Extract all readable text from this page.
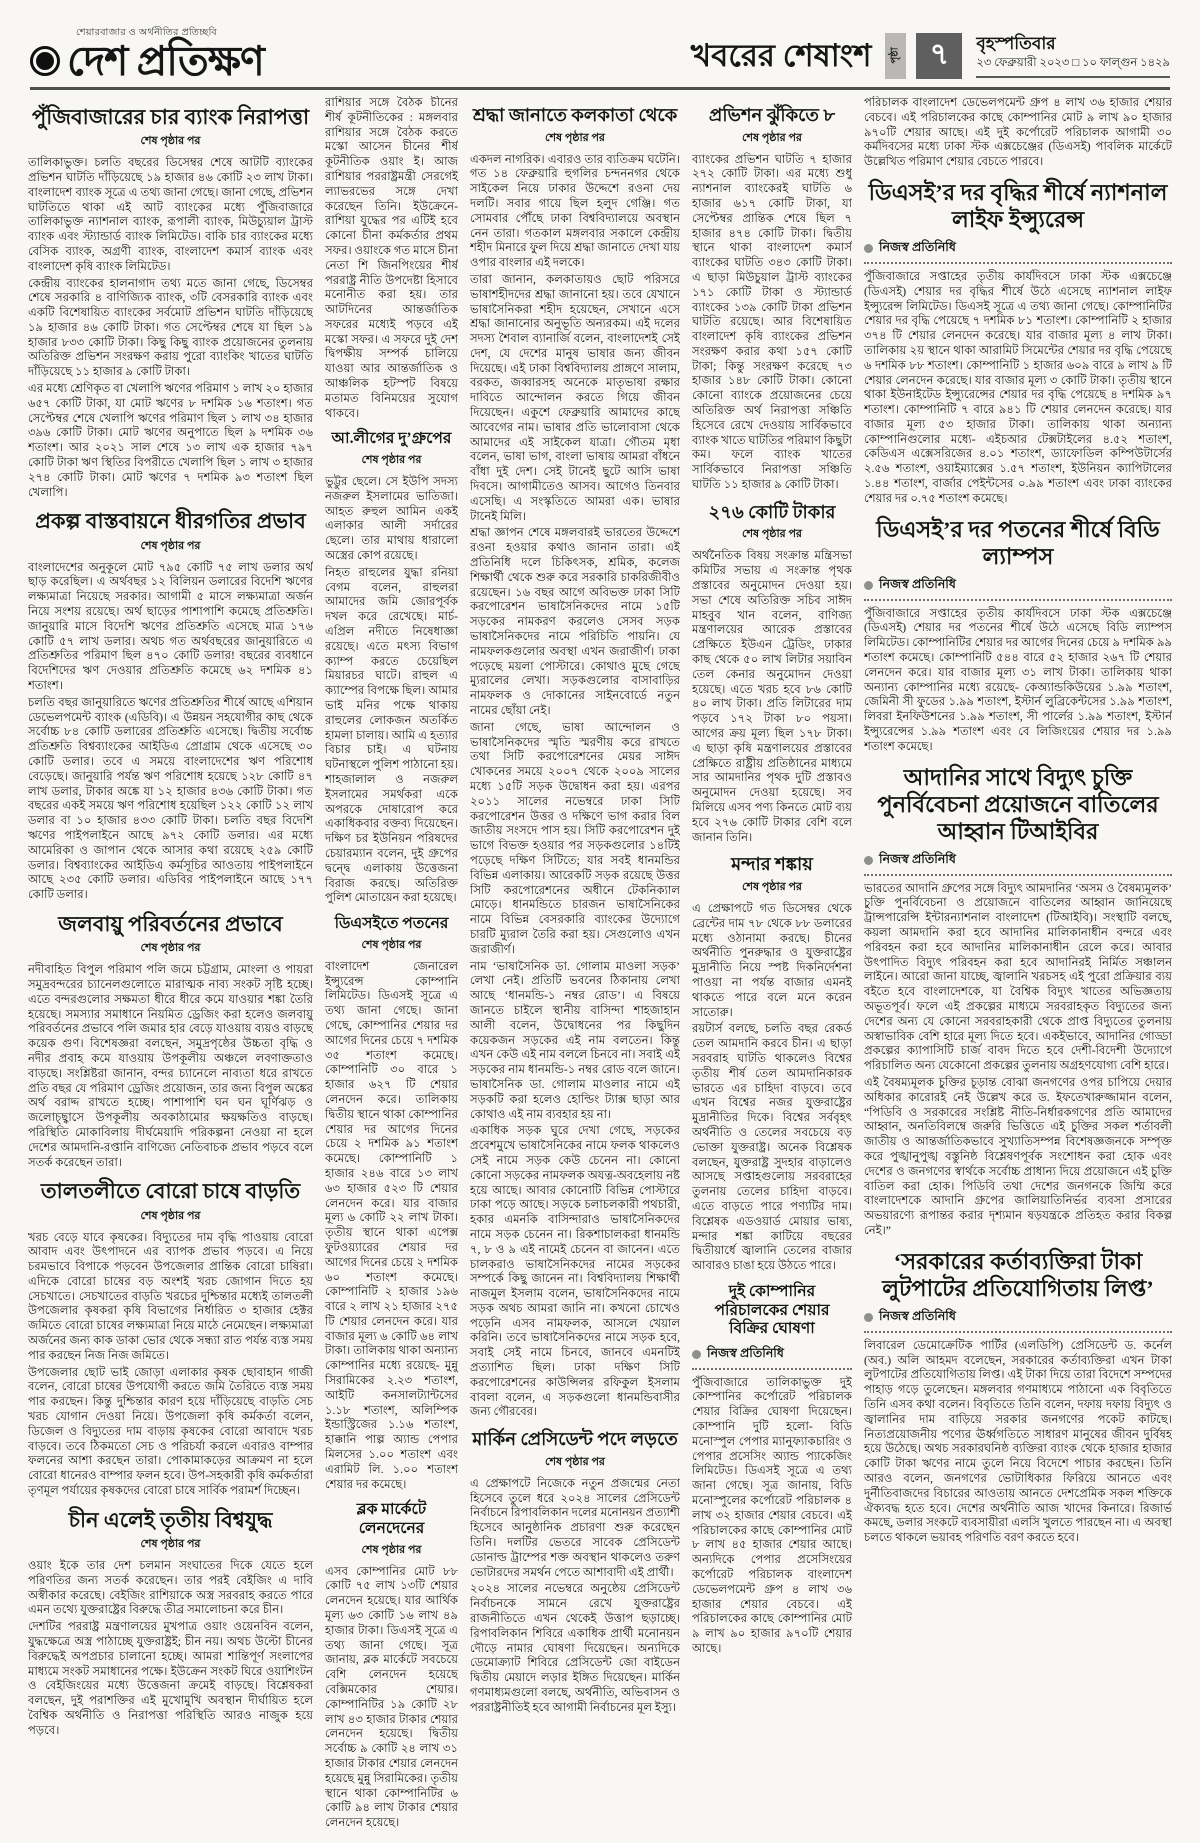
শেয়ারবাজার ও অর্থনীতির প্রতিচ্ছবি
দেশ প্রতিক্ষণ	খবরের শেষাংশ পৃষ্ঠা ৭ বৃহস্পতিবার
২৩ ফেব্রুয়ারী ২০২৩ □ ১০ ফাল্গুন ১৪২৯
পুঁজিবাজারের চার ব্যাংক নিরাপত্তা
শেষ পৃষ্ঠার পর

তালিকাভুক্ত। চলতি বছরের ডিসেম্বর শেষে আটটি ব্যাংকের প্রভিশন ঘাটতি দাঁড়িয়েছে ১৯ হাজার ৪৬ কোটি ২৩ লাখ টাকা। বাংলাদেশ ব্যাংক সূত্রে এ তথ্য জানা গেছে। জানা গেছে, প্রভিশন ঘাটতিতে থাকা এই আট ব্যাংকের মধ্যে পুঁজিবাজারে তালিকাভুক্ত ন্যাশনাল ব্যাংক, রূপালী ব্যাংক, মিউচ্যুয়াল ট্রাস্ট ব্যাংক এবং স্ট্যান্ডার্ড ব্যাংক লিমিটেড। বাকি চার ব্যাংকের মধ্যে বেসিক ব্যাংক, অগ্রণী ব্যাংক, বাংলাদেশ কমার্স ব্যাংক এবং বাংলাদেশ কৃষি ব্যাংক লিমিটেড।

কেন্দ্রীয় ব্যাংকের হালনাগাদ তথ্য মতে জানা গেছে, ডিসেম্বর শেষে সরকারি ৪ বাণিজ্যিক ব্যাংক, ৩টি বেসরকারি ব্যাংক এবং একটি বিশেষায়িত ব্যাংকের সর্বমোট প্রভিশন ঘাটতি দাঁড়িয়েছে ১৯ হাজার ৪৬ কোটি টাকা। গত সেপ্টেম্বর শেষে যা ছিল ১৯ হাজার ৮৩৩ কোটি টাকা। কিছু কিছু ব্যাংক প্রয়োজনের তুলনায় অতিরিক্ত প্রভিশন সংরক্ষণ করায় পুরো ব্যাংকিং খাতের ঘাটতি দাঁড়িয়েছে ১১ হাজার ৯ কোটি টাকা।

এর মধ্যে শ্রেণিকৃত বা খেলাপি ঋণের পরিমাণ ১ লাখ ২০ হাজার ৬৫৭ কোটি টাকা, যা মোট ঋণের ৮ দশমিক ১৬ শতাংশ। গত সেপ্টেম্বর শেষে খেলাপি ঋণের পরিমাণ ছিল ১ লাখ ৩৪ হাজার ৩৯৬ কোটি টাকা। মোট ঋণের অনুপাতে ছিল ৯ দশমিক ৩৬ শতাংশ। আর ২০২১ সাল শেষে ১৩ লাখ এক হাজার ৭৯৭ কোটি টাকা ঋণ স্থিতির বিপরীতে খেলাপি ছিল ১ লাখ ৩ হাজার ২৭৪ কোটি টাকা। মোট ঋণের ৭ দশমিক ৯৩ শতাংশ ছিল খেলাপি।

প্রকল্প বাস্তবায়নে ধীরগতির প্রভাব
শেষ পৃষ্ঠার পর

বাংলাদেশের অনুকূলে মোট ৭৯৫ কোটি ৭৫ লাখ ডলার অর্থ ছাড় করেছিল। এ অর্থবছর ১২ বিলিয়ন ডলারের বিদেশি ঋণের লক্ষ্যমাত্রা নিয়েছে সরকার। আগামী ৫ মাসে লক্ষ্যমাত্রা অর্জন নিয়ে সংশয় রয়েছে। অর্থ ছাড়ের পাশাপাশি কমেছে প্রতিশ্রুতি। জানুয়ারি মাসে বিদেশি ঋণের প্রতিশ্রুতি এসেছে মাত্র ১৭৬ কোটি ৫৭ লাখ ডলার। অথচ গত অর্থবছরের জানুয়ারিতে এ প্রতিশ্রুতির পরিমাণ ছিল ৪৭০ কোটি ডলার! বছরের ব্যবধানে বিদেশিদের ঋণ দেওয়ার প্রতিশ্রুতি কমেছে ৬২ দশমিক ৪১ শতাংশ।

চলতি বছর জানুয়ারিতে ঋণের প্রতিশ্রুতির শীর্ষে আছে এশিয়ান ডেভেলপমেন্ট ব্যাংক (এডিবি)। এ উন্নয়ন সহযোগীর কাছ থেকে সর্বোচ্চ ৮৪ কোটি ডলারের প্রতিশ্রুতি এসেছে। দ্বিতীয় সর্বোচ্চ প্রতিশ্রুতি বিশ্বব্যাংকের আইডিএ প্রোগ্রাম থেকে এসেছে ৩০ কোটি ডলার। তবে এ সময়ে বাংলাদেশের ঋণ পরিশোধ বেড়েছে। জানুয়ারি পর্যন্ত ঋণ পরিশোধ হয়েছে ১২৮ কোটি ৪৭ লাখ ডলার, টাকার অঙ্কে যা ১২ হাজার ৪৩৬ কোটি টাকা। গত বছরের একই সময়ে ঋণ পরিশোধ হয়েছিল ১২২ কোটি ১২ লাখ ডলার বা ১০ হাজার ৪৩৩ কোটি টাকা। চলতি বছর বিদেশি ঋণের পাইপলাইনে আছে ৯৭২ কোটি ডলার। এর মধ্যে আমেরিকা ও জাপান থেকে আসার কথা রয়েছে ২৫৯ কোটি ডলার। বিশ্বব্যাংকের আইডিএ কর্মসূচির আওতায় পাইপলাইনে আছে ২৩৫ কোটি ডলার। এডিবির পাইপলাইনে আছে ১৭৭ কোটি ডলার।

জলবায়ু পরিবর্তনের প্রভাবে
শেষ পৃষ্ঠার পর

নদীবাহিত বিপুল পরিমাণ পলি জমে চট্টগ্রাম, মোংলা ও পায়রা সমুদ্রবন্দরের চ্যানেলগুলোতে মারাত্মক নাব্য সংকট সৃষ্টি হচ্ছে। এতে বন্দরগুলোর সক্ষমতা ধীরে ধীরে কমে যাওয়ার শঙ্কা তৈরি হয়েছে। সমস্যার সমাধানে নিয়মিত ড্রেজিং করা হলেও জলবায়ু পরিবর্তনের প্রভাবে পলি জমার হার বেড়ে যাওয়ায় ব্যয়ও বাড়ছে কয়েক গুণ। বিশেষজ্ঞরা বলছেন, সমুদ্রপৃষ্ঠের উচ্চতা বৃদ্ধি ও নদীর প্রবাহ কমে যাওয়ায় উপকূলীয় অঞ্চলে লবণাক্ততাও বাড়ছে। সংশ্লিষ্টরা জানান, বন্দর চ্যানেলে নাব্যতা ধরে রাখতে প্রতি বছর যে পরিমাণ ড্রেজিং প্রয়োজন, তার জন্য বিপুল অঙ্কের অর্থ বরাদ্দ রাখতে হচ্ছে। পাশাপাশি ঘন ঘন ঘূর্ণিঝড় ও জলোচ্ছ্বাসে উপকূলীয় অবকাঠামোর ক্ষয়ক্ষতিও বাড়ছে। পরিস্থিতি মোকাবিলায় দীর্ঘমেয়াদি পরিকল্পনা নেওয়া না হলে দেশের আমদানি-রপ্তানি বাণিজ্যে নেতিবাচক প্রভাব পড়বে বলে সতর্ক করেছেন তারা।

তালতলীতে বোরো চাষে বাড়তি
শেষ পৃষ্ঠার পর

খরচ বেড়ে যাবে কৃষকের। বিদ্যুতের দাম বৃদ্ধি পাওয়ায় বোরো আবাদ এবং উৎপাদনে এর ব্যাপক প্রভাব পড়বে। এ নিয়ে চরমভাবে বিপাকে পড়বেন উপজেলার প্রান্তিক বোরো চাষিরা। এদিকে বোরো চাষের বড় অংশই খরচ জোগান দিতে হয় সেচখাতে। সেচখাতের বাড়তি খরচের দুশ্চিন্তার মধ্যেই তালতলী উপজেলার কৃষকরা কৃষি বিভাগের নির্ধারিত ৩ হাজার হেক্টর জমিতে বোরো চাষের লক্ষ্যমাত্রা নিয়ে মাঠে নেমেছেন। লক্ষ্যমাত্রা অর্জনের জন্য কাক ডাকা ভোর থেকে সন্ধ্যা রাত পর্যন্ত ব্যস্ত সময় পার করছেন নিজ নিজ জমিতে।

উপজেলার ছোট ভাই জোড়া এলাকার কৃষক ছোবাহান গাজী বলেন, বোরো চাষের উপযোগী করতে জমি তৈরিতে ব্যস্ত সময় পার করছেন। কিন্তু দুশ্চিন্তার কারণ হয়ে দাঁড়িয়েছে বাড়তি সেচ খরচ যোগান দেওয়া নিয়ে। উপজেলা কৃষি কর্মকর্তা বলেন, ডিজেল ও বিদ্যুতের দাম বাড়ায় কৃষকের বোরো আবাদে খরচ বাড়বে। তবে ঠিকমতো সেচ ও পরিচর্যা করলে এবারও বাম্পার ফলনের আশা করছেন তারা। পোকামাকড়ের আক্রমণ না হলে বোরো ধানেরও বাম্পার ফলন হবে। উপ-সহকারী কৃষি কর্মকর্তারা তৃণমূল পর্যায়ের কৃষকদের বোরো চাষে সার্বিক পরামর্শ দিচ্ছেন।

চীন এলেই তৃতীয় বিশ্বযুদ্ধ
শেষ পৃষ্ঠার পর

ওয়াং ইকে তার দেশ চলমান সংঘাতের দিকে যেতে হলে পরিণতির জন্য সতর্ক করেছেন। তার পরই বেইজিং এ দাবি অস্বীকার করেছে। বেইজিং রাশিয়াকে অস্ত্র সরবরাহ করতে পারে এমন তথ্যে যুক্তরাষ্ট্রের বিরুদ্ধে তীব্র সমালোচনা করে চীন।

দেশটির পররাষ্ট্র মন্ত্রণালয়ের মুখপাত্র ওয়াং ওয়েনবিন বলেন, যুদ্ধক্ষেত্রে অস্ত্র পাঠাচ্ছে যুক্তরাষ্ট্রই; চীন নয়। অথচ উল্টো চীনের বিরুদ্ধেই অপপ্রচার চালানো হচ্ছে। আমরা শান্তিপূর্ণ সংলাপের মাধ্যমে সংকট সমাধানের পক্ষে। ইউক্রেন সংকট ঘিরে ওয়াশিংটন ও বেইজিংয়ের মধ্যে উত্তেজনা ক্রমেই বাড়ছে। বিশ্লেষকরা বলছেন, দুই পরাশক্তির এই মুখোমুখি অবস্থান দীর্ঘায়িত হলে বৈশ্বিক অর্থনীতি ও নিরাপত্তা পরিস্থিতি আরও নাজুক হয়ে পড়বে।

রাশিয়ার সঙ্গে বৈঠক চীনের শীর্ষ কূটনীতিকের : মঙ্গলবার রাশিয়ার সঙ্গে বৈঠক করতে মস্কো আসেন চীনের শীর্ষ কূটনীতিক ওয়াং ই। আজ রাশিয়ার পররাষ্ট্রমন্ত্রী সেরগেই ল্যাভরভের সঙ্গে দেখা করেছেন তিনি। ইউক্রেনে-রাশিয়া যুদ্ধের পর এটিই হবে কোনো চীনা কর্মকর্তার প্রথম সফর। ওয়াংকে গত মাসে চীনা নেতা শি জিনপিংয়ের শীর্ষ পররাষ্ট্র নীতি উপদেষ্টা হিসাবে মনোনীত করা হয়। তার আটদিনের আন্তর্জাতিক সফরের মধ্যেই পড়বে এই মস্কো সফর। এ সফরে দুই দেশ দ্বিপক্ষীয় সম্পর্ক চালিয়ে যাওয়া আর আন্তর্জাতিক ও আঞ্চলিক হটস্পট বিষয়ে মতামত বিনিময়ের সুযোগ থাকবে।

আ.লীগের দু’গ্রুপের
শেষ পৃষ্ঠার পর

ভুট্টুর ছেলে। সে ইউপি সদস্য নজরুল ইসলামের ভাতিজা। আহত রুহুল আমিন একই এলাকার আলী সর্দারের ছেলে। তার মাথায় ধারালো অস্ত্রের কোপ রয়েছে।

নিহত রাহুলের যুদ্ধা রনিয়া বেগম বলেন, রাহুলরা আমাদের জমি জোরপূর্বক দখল করে রেখেছে। মার্চ-এপ্রিল নদীতে নিষেধাজ্ঞা রয়েছে। এতে মৎস্য বিভাগ ক্যাম্প করতে চেয়েছিল মিয়ারচর ঘাটে। রাহুল এ ক্যাম্পের বিপক্ষে ছিল। আমার ভাই মনির পক্ষে থাকায় রাহুলের লোকজন অতর্কিত হামলা চালায়। আমি এ হত্যার বিচার চাই। এ ঘটনায় ঘটনাস্থলে পুলিশ পাঠানো হয়। শাহজালাল ও নজরুল ইসলামের সমর্থকরা একে অপরকে দোষারোপ করে একাধিকবার বক্তব্য দিয়েছেন। দক্ষিণ চর ইউনিয়ন পরিষদের চেয়ারম্যান বলেন, দুই গ্রুপের দ্বন্দ্বে এলাকায় উত্তেজনা বিরাজ করছে। অতিরিক্ত পুলিশ মোতায়েন করা হয়েছে।

ডিএসইতে পতনের
শেষ পৃষ্ঠার পর

বাংলাদেশ জেনারেল ইন্স্যুরেন্স কোম্পানি লিমিটেড। ডিএসই সূত্রে এ তথ্য জানা গেছে। জানা গেছে, কোম্পানির শেয়ার দর আগের দিনের চেয়ে ৭ দশমিক ৩৫ শতাংশ কমেছে। কোম্পানিটি ৩০ বারে ১ হাজার ৬২৭ টি শেয়ার লেনদেন করে। তালিকায় দ্বিতীয় স্থানে থাকা কোম্পানির শেয়ার দর আগের দিনের চেয়ে ২ দশমিক ৯১ শতাংশ কমেছে। কোম্পানিটি ১ হাজার ২৪৬ বারে ১৩ লাখ ৬৩ হাজার ৫২৩ টি শেয়ার লেনদেন করে। যার বাজার মূল্য ৬ কোটি ২২ লাখ টাকা। তৃতীয় স্থানে থাকা এপেক্স ফুটওয়্যারের শেয়ার দর আগের দিনের চেয়ে ২ দশমিক ৬০ শতাংশ কমেছে। কোম্পানিটি ২ হাজার ১৯৬ বারে ২ লাখ ২১ হাজার ২৭৫ টি শেয়ার লেনদেন করে। যার বাজার মূল্য ৬ কোটি ৬৪ লাখ টাকা। তালিকায় থাকা অন্যান্য কোম্পানির মধ্যে রয়েছে- মুন্নু সিরামিকের ২.২৩ শতাংশ, আইটি কনসালট্যান্টসের ১.১৮ শতাংশ, অলিম্পিক ইন্ডাস্ট্রিজের ১.১৬ শতাংশ, হাক্কানি পাল্প অ্যান্ড পেপার মিলসের ১.০০ শতাংশ এবং এরামিট লি. ১.০০ শতাংশ শেয়ার দর কমেছে।

ব্লক মার্কেটে লেনদেনের
শেষ পৃষ্ঠার পর

এসব কোম্পানির মোট ৮৮ কোটি ৭৫ লাখ ১৩টি শেয়ার লেনদেন হয়েছে। যার আর্থিক মূল্য ৬৩ কোটি ১৬ লাখ ৪৯ হাজার টাকা। ডিএসই সূত্রে এ তথ্য জানা গেছে। সূত্র জানায়, ব্লক মার্কেটে সবচেয়ে বেশি লেনদেন হয়েছে বেক্সিমকোর শেয়ার। কোম্পানিটির ১৯ কোটি ২৮ লাখ ৪৩ হাজার টাকার শেয়ার লেনদেন হয়েছে। দ্বিতীয় সর্বোচ্চ ৯ কোটি ২৪ লাখ ৩১ হাজার টাকার শেয়ার লেনদেন হয়েছে মুন্নু সিরামিকের। তৃতীয় স্থানে থাকা কোম্পানিটির ৬ কোটি ৯৪ লাখ টাকার শেয়ার লেনদেন হয়েছে।

শ্রদ্ধা জানাতে কলকাতা থেকে
শেষ পৃষ্ঠার পর

একদল নাগরিক। এবারও তার ব্যতিক্রম ঘটেনি। গত ১৪ ফেব্রুয়ারি হুগলির চন্দননগর থেকে সাইকেল নিয়ে ঢাকার উদ্দেশে রওনা দেয় দলটি। সবার গায়ে ছিল হলুদ গেঞ্জি। গত সোমবার পৌঁছে ঢাকা বিশ্ববিদ্যালয়ে অবস্থান নেন তারা। গতকাল মঙ্গলবার সকালে কেন্দ্রীয় শহীদ মিনারে ফুল দিয়ে শ্রদ্ধা জানাতে দেখা যায় ওপার বাংলার এই দলকে।

তারা জানান, কলকাতায়ও ছোট পরিসরে ভাষাশহীদদের শ্রদ্ধা জানানো হয়। তবে যেখানে ভাষাসৈনিকরা শহীদ হয়েছেন, সেখানে এসে শ্রদ্ধা জানানোর অনুভূতি অন্যরকম। এই দলের সদস্য শৈবাল ব্যানার্জি বলেন, বাংলাদেশই সেই দেশ, যে দেশের মানুষ ভাষার জন্য জীবন দিয়েছে। এই ঢাকা বিশ্ববিদ্যালয় প্রাঙ্গণে সালাম, বরকত, জব্বারসহ অনেকে মাতৃভাষা রক্ষার দাবিতে আন্দোলন করতে গিয়ে জীবন দিয়েছেন। একুশে ফেব্রুয়ারি আমাদের কাছে আবেগের নাম। ভাষার প্রতি ভালোবাসা থেকে আমাদের এই সাইকেল যাত্রা। গৌতম মৃধা বলেন, ভাষা ভাগ, বাংলা ভাষায় আমরা বাঁধনে বাঁধা দুই দেশ। সেই টানেই ছুটে আসি ভাষা দিবসে। আগামীতেও আসব। আগেও তিনবার এসেছি। এ সংস্কৃতিতে আমরা এক। ভাষার টানেই মিলি।

শ্রদ্ধা জ্ঞাপন শেষে মঙ্গলবারই ভারতের উদ্দেশে রওনা হওয়ার কথাও জানান তারা। এই প্রতিনিধি দলে চিকিৎসক, শ্রমিক, কলেজ শিক্ষার্থী থেকে শুরু করে সরকারি চাকরিজীবীও রয়েছেন। ১৬ বছর আগে অবিভক্ত ঢাকা সিটি করপোরেশন ভাষাসৈনিকদের নামে ১৫টি সড়কের নামকরণ করলেও সেসব সড়ক ভাষাসৈনিকদের নামে পরিচিতি পায়নি। যে নামফলকগুলোর অবস্থা এখন জরাজীর্ণ। ঢাকা পড়েছে ময়লা পোস্টারে। কোথাও মুছে গেছে ম্যুরালের লেখা। সড়কগুলোর বাসাবাড়ির নামফলক ও দোকানের সাইনবোর্ডে নতুন নামের ছোঁয়া নেই।

জানা গেছে, ভাষা আন্দোলন ও ভাষাসৈনিকদের স্মৃতি স্মরণীয় করে রাখতে তথা সিটি করপোরেশনের মেয়র সাঈদ খোকনের সময়ে ২০০৭ থেকে ২০০৯ সালের মধ্যে ১৫টি সড়ক উদ্বোধন করা হয়। এরপর ২০১১ সালের নভেম্বরে ঢাকা সিটি করপোরেশন উত্তর ও দক্ষিণে ভাগ করার বিল জাতীয় সংসদে পাস হয়। সিটি করপোরেশন দুই ভাগে বিভক্ত হওয়ার পর সড়কগুলোর ১৪টিই পড়েছে দক্ষিণ সিটিতে; যার সবই ধানমন্ডির বিভিন্ন এলাকায়। আরেকটি সড়ক রয়েছে উত্তর সিটি করপোরেশনের অধীনে টেকনিক্যাল মোড়ে। ধানমন্ডিতে চারজন ভাষাসৈনিকের নামে বিভিন্ন বেসরকারি ব্যাংকের উদ্যোগে চারটি ম্যুরাল তৈরি করা হয়। সেগুলোও এখন জরাজীর্ণ।

নাম ‘ভাষাসৈনিক ডা. গোলাম মাওলা সড়ক’ লেখা নেই। প্রতিটি ভবনের ঠিকানায় লেখা আছে ‘ধানমন্ডি-১ নম্বর রোড’। এ বিষয়ে জানতে চাইলে স্থানীয় বাসিন্দা শাহজাহান আলী বলেন, উদ্বোধনের পর কিছুদিন কয়েকজন সড়কের এই নাম বলতেন। কিন্তু এখন কেউ এই নাম বললে চিনবে না। সবাই এই সড়কের নাম ধানমন্ডি-১ নম্বর রোড বলে জানে। ভাষাসৈনিক ডা. গোলাম মাওলার নামে এই সড়কটি করা হলেও হোল্ডিং ট্যাক্স ছাড়া আর কোথাও এই নাম ব্যবহার হয় না।

একাধিক সড়ক ঘুরে দেখা গেছে, সড়কের প্রবেশমুখে ভাষাসৈনিকের নামে ফলক থাকলেও সেই নামে সড়ক কেউ চেনেন না। কোনো কোনো সড়কের নামফলক অযত্ন-অবহেলায় নষ্ট হয়ে আছে। আবার কোনোটি বিভিন্ন পোস্টারে ঢাকা পড়ে আছে। সড়কে চলাচলকারী পথচারী, হকার এমনকি বাসিন্দারাও ভাষাসৈনিকদের নামে সড়ক চেনেন না। রিকশাচালকরা ধানমন্ডি ৭, ৮ ও ৯ এই নামেই চেনেন বা জানেন। এতে চালকরাও ভাষাসৈনিকদের নামের সড়কের সম্পর্কে কিছু জানেন না। বিশ্ববিদ্যালয় শিক্ষার্থী নাজমুল ইসলাম বলেন, ভাষাসৈনিকদের নামে সড়ক অথচ আমরা জানি না। কখনো চোখেও পড়েনি এসব নামফলক, আসলে খেয়াল করিনি। তবে ভাষাসৈনিকদের নামে সড়ক হবে, সবাই সেই নামে চিনবে, জানবে এমনটিই প্রত্যাশিত ছিল। ঢাকা দক্ষিণ সিটি করপোরেশনের কাউন্সিলর রফিকুল ইসলাম বাবলা বলেন, এ সড়কগুলো ধানমন্ডিবাসীর জন্য গৌরবের।

মার্কিন প্রেসিডেন্ট পদে লড়তে
শেষ পৃষ্ঠার পর

এ প্রেক্ষাপটে নিজেকে নতুন প্রজন্মের নেতা হিসেবে তুলে ধরে ২০২৪ সালের প্রেসিডেন্ট নির্বাচনে রিপাবলিকান দলের মনোনয়ন প্রত্যাশী হিসেবে আনুষ্ঠানিক প্রচারণা শুরু করেছেন তিনি। দলটির ভেতরে সাবেক প্রেসিডেন্ট ডোনাল্ড ট্রাম্পের শক্ত অবস্থান থাকলেও তরুণ ভোটারদের সমর্থন পেতে আশাবাদী এই প্রার্থী।

২০২৪ সালের নভেম্বরে অনুষ্ঠেয় প্রেসিডেন্ট নির্বাচনকে সামনে রেখে যুক্তরাষ্ট্রের রাজনীতিতে এখন থেকেই উত্তাপ ছড়াচ্ছে। রিপাবলিকান শিবিরে একাধিক প্রার্থী মনোনয়ন দৌড়ে নামার ঘোষণা দিয়েছেন। অন্যদিকে ডেমোক্র্যাট শিবিরে প্রেসিডেন্ট জো বাইডেন দ্বিতীয় মেয়াদে লড়ার ইঙ্গিত দিয়েছেন। মার্কিন গণমাধ্যমগুলো বলছে, অর্থনীতি, অভিবাসন ও পররাষ্ট্রনীতিই হবে আগামী নির্বাচনের মূল ইস্যু।

প্রভিশন ঝুঁকিতে ৮
শেষ পৃষ্ঠার পর

ব্যাংকের প্রভিশন ঘাটতি ৭ হাজার ২৭২ কোটি টাকা। এর মধ্যে শুধু ন্যাশনাল ব্যাংকেরই ঘাটতি ৬ হাজার ৬১৭ কোটি টাকা, যা সেপ্টেম্বর প্রান্তিক শেষে ছিল ৭ হাজার ৪৭৪ কোটি টাকা। দ্বিতীয় স্থানে থাকা বাংলাদেশ কমার্স ব্যাংকের ঘাটতি ৩৪৩ কোটি টাকা। এ ছাড়া মিউচুয়াল ট্রাস্ট ব্যাংকের ১৭১ কোটি টাকা ও স্ট্যান্ডার্ড ব্যাংকের ১৩৯ কোটি টাকা প্রভিশন ঘাটতি রয়েছে। আর বিশেষায়িত বাংলাদেশ কৃষি ব্যাংকের প্রভিশন সংরক্ষণ করার কথা ১৫৭ কোটি টাকা; কিন্তু সংরক্ষণ করেছে ৭৩ হাজার ১৪৮ কোটি টাকা। কোনো কোনো ব্যাংকে প্রয়োজনের চেয়ে অতিরিক্ত অর্থ নিরাপত্তা সঞ্চিতি হিসেবে রেখে দেওয়ায় সার্বিকভাবে ব্যাংক খাতে ঘাটতির পরিমাণ কিছুটা কম। ফলে ব্যাংক খাতের সার্বিকভাবে নিরাপত্তা সঞ্চিতি ঘাটতি ১১ হাজার ৯ কোটি টাকা।

২৭৬ কোটি টাকার
শেষ পৃষ্ঠার পর

অর্থনৈতিক বিষয় সংক্রান্ত মন্ত্রিসভা কমিটির সভায় এ সংক্রান্ত পৃথক প্রস্তাবের অনুমোদন দেওয়া হয়। সভা শেষে অতিরিক্ত সচিব সাঈদ মাহবুব খান বলেন, বাণিজ্য মন্ত্রণালয়ের আরেক প্রস্তাবের প্রেক্ষিতে ইউএন ট্রেডিং, ঢাকার কাছ থেকে ৫০ লাখ লিটার সয়াবিন তেল কেনার অনুমোদন দেওয়া হয়েছে। এতে খরচ হবে ৮৬ কোটি ৪০ লাখ টাকা। প্রতি লিটারের দাম পড়বে ১৭২ টাকা ৮০ পয়সা। আগের ক্রয় মূল্য ছিল ১৭৮ টাকা। এ ছাড়া কৃষি মন্ত্রণালয়ের প্রস্তাবের প্রেক্ষিতে রাষ্ট্রীয় প্রতিষ্ঠানের মাধ্যমে সার আমদানির পৃথক দুটি প্রস্তাবও অনুমোদন দেওয়া হয়েছে। সব মিলিয়ে এসব পণ্য কিনতে মোট ব্যয় হবে ২৭৬ কোটি টাকার বেশি বলে জানান তিনি।

মন্দার শঙ্কায়
শেষ পৃষ্ঠার পর

এ প্রেক্ষাপটে গত ডিসেম্বর থেকে ব্রেন্টের দাম ৭৮ থেকে ৮৮ ডলারের মধ্যে ওঠানামা করছে। চীনের অর্থনীতি পুনরুদ্ধার ও যুক্তরাষ্ট্রের মুদ্রানীতি নিয়ে স্পষ্ট দিকনির্দেশনা পাওয়া না পর্যন্ত বাজার এমনই থাকতে পারে বলে মনে করেন সাতোরু।

রয়টার্স বলছে, চলতি বছর রেকর্ড তেল আমদানি করবে চীন। এ ছাড়া সরবরাহ ঘাটতি থাকলেও বিশ্বের তৃতীয় শীর্ষ তেল আমদানিকারক ভারতে এর চাহিদা বাড়বে। তবে এখন বিশ্বের নজর যুক্তরাষ্ট্রের মুদ্রানীতির দিকে। বিশ্বের সর্ববৃহৎ অর্থনীতি ও তেলের সবচেয়ে বড় ভোক্তা যুক্তরাষ্ট্র। অনেক বিশ্লেষক বলছেন, যুক্তরাষ্ট্র সুদহার বাড়ালেও আসছে সপ্তাহগুলোয় সরবরাহের তুলনায় তেলের চাহিদা বাড়বে। এতে বাড়তে পারে পণ্যটির দাম। বিশ্লেষক এডওয়ার্ড মোয়ার ভাষ্য, মন্দার শঙ্কা কাটিয়ে বছরের দ্বিতীয়ার্ধে জ্বালানি তেলের বাজার আবারও চাঙা হয়ে উঠতে পারে।

দুই কোম্পানির পরিচালকের শেয়ার বিক্রির ঘোষণা
নিজস্ব প্রতিনিধি

পুঁজিবাজারে তালিকাভুক্ত দুই কোম্পানির কর্পোরেট পরিচালক শেয়ার বিক্রির ঘোষণা দিয়েছেন। কোম্পানি দুটি হলো- বিডি মনোস্পুল পেপার ম্যানুফ্যাকচারিং ও পেপার প্রসেসিং অ্যান্ড প্যাকেজিং লিমিটেড। ডিএসই সূত্রে এ তথ্য জানা গেছে। সূত্র জানায়, বিডি মনোস্পুলের কর্পোরেট পরিচালক ৪ লাখ ৩২ হাজার শেয়ার বেচবে। এই পরিচালকের কাছে কোম্পানির মোট ৮ লাখ ৪৫ হাজার শেয়ার আছে। অন্যদিকে পেপার প্রসেসিংয়ের কর্পোরেট পরিচালক বাংলাদেশ ডেভেলপমেন্ট গ্রুপ ৪ লাখ ৩৬ হাজার শেয়ার বেচবে। এই পরিচালকের কাছে কোম্পানির মোট ৯ লাখ ৯০ হাজার ৯৭০টি শেয়ার আছে।

পরিচালক বাংলাদেশ ডেভেলপমেন্ট গ্রুপ ৪ লাখ ৩৬ হাজার শেয়ার বেচবে। এই পরিচালকের কাছে কোম্পানির মোট ৯ লাখ ৯০ হাজার ৯৭০টি শেয়ার আছে। এই দুই কর্পোরেট পরিচালক আগামী ৩০ কর্মদিবসের মধ্যে ঢাকা স্টক এক্সচেঞ্জের (ডিএসই) পাবলিক মার্কেটে উল্লেখিত পরিমাণ শেয়ার বেচতে পারবে।

ডিএসই’র দর বৃদ্ধির শীর্ষে ন্যাশনাল লাইফ ইন্স্যুরেন্স
নিজস্ব প্রতিনিধি

পুঁজিবাজারে সপ্তাহের তৃতীয় কার্যদিবসে ঢাকা স্টক এক্সচেঞ্জে (ডিএসই) শেয়ার দর বৃদ্ধির শীর্ষে উঠে এসেছে ন্যাশনাল লাইফ ইন্স্যুরেন্স লিমিটেড। ডিএসই সূত্রে এ তথ্য জানা গেছে। কোম্পানিটির শেয়ার দর বৃদ্ধি পেয়েছে ৭ দশমিক ৮১ শতাংশ। কোম্পানিটি ২ হাজার ৩৭৪ টি শেয়ার লেনদেন করেছে। যার বাজার মূল্য ৪ লাখ টাকা। তালিকায় ২য় স্থানে থাকা আরামিট সিমেন্টের শেয়ার দর বৃদ্ধি পেয়েছে ৬ দশমিক ৮৮ শতাংশ। কোম্পানিটি ১ হাজার ৬০৯ বারে ৯ লাখ ৯ টি শেয়ার লেনদেন করেছে। যার বাজার মূল্য ৩ কোটি টাকা। তৃতীয় স্থানে থাকা ইউনাইটেড ইন্স্যুরেন্সের শেয়ার দর বৃদ্ধি পেয়েছে ৪ দশমিক ৯৭ শতাংশ। কোম্পানিটি ৭ বারে ৯৪১ টি শেয়ার লেনদেন করেছে। যার বাজার মূল্য ৫৩ হাজার টাকা। তালিকায় থাকা অন্যান্য কোম্পানিগুলোর মধ্যে- এইচআর টেক্সটাইলের ৪.৫২ শতাংশ, কেডিএস এক্সেসরিজের ৪.০১ শতাংশ, ড্যাফোডিল কম্পিউটার্সের ২.৫৬ শতাংশ, ওয়াইম্যাক্সের ১.৫৭ শতাংশ, ইউনিয়ন ক্যাপিটালের ১.৪৪ শতাংশ, বার্জার পেইন্টসের ০.৯৯ শতাংশ এবং ঢাকা ব্যাংকের শেয়ার দর ০.৭৫ শতাংশ কমেছে।

ডিএসই’র দর পতনের শীর্ষে বিডি ল্যাম্পস
নিজস্ব প্রতিনিধি

পুঁজিবাজারে সপ্তাহের তৃতীয় কার্যদিবসে ঢাকা স্টক এক্সচেঞ্জে (ডিএসই) শেয়ার দর পতনের শীর্ষে উঠে এসেছে বিডি ল্যাম্পস লিমিটেড। কোম্পানিটির শেয়ার দর আগের দিনের চেয়ে ৯ দশমিক ৯৯ শতাংশ কমেছে। কোম্পানিটি ৫৪৪ বারে ৫২ হাজার ২৬৭ টি শেয়ার লেনদেন করে। যার বাজার মূল্য ৩১ লাখ টাকা। তালিকায় থাকা অন্যান্য কোম্পানির মধ্যে রয়েছে- কেঅ্যান্ডকিউয়ের ১.৯৯ শতাংশ, জেমিনী সী ফুডের ১.৯৯ শতাংশ, ইস্টার্ন লুব্রিকেন্টসের ১.৯৯ শতাংশ, লিবরা ইনফিউশনের ১.৯৯ শতাংশ, সী পার্লের ১.৯৯ শতাংশ, ইস্টার্ন ইন্স্যুরেন্সের ১.৯৯ শতাংশ এবং বে লিজিংয়ের শেয়ার দর ১.৯৯ শতাংশ কমেছে।

আদানির সাথে বিদ্যুৎ চুক্তি পুনর্বিবেচনা প্রয়োজনে বাতিলের আহ্বান টিআইবির
নিজস্ব প্রতিনিধি

ভারতের আদানি গ্রুপের সঙ্গে বিদ্যুৎ আমদানির ‘অসম ও বৈষম্যমূলক’ চুক্তি পুনর্বিবেচনা ও প্রয়োজনে বাতিলের আহ্বান জানিয়েছে ট্রান্সপারেন্সি ইন্টারন্যাশনাল বাংলাদেশ (টিআইবি)। সংস্থাটি বলছে, কয়লা আমদানি করা হবে আদানির মালিকানাধীন বন্দরে এবং পরিবহন করা হবে আদানির মালিকানাধীন রেলে করে। আবার উৎপাদিত বিদ্যুৎ পরিবহন করা হবে আদানিরই নির্মিত সঞ্চালন লাইনে। আরো জানা যাচ্ছে, জ্বালানি খরচসহ এই পুরো প্রক্রিয়ার ব্যয় বইতে হবে বাংলাদেশকে, যা বৈশ্বিক বিদ্যুৎ খাতের অভিজ্ঞতায় অভূতপূর্ব। ফলে এই প্রকল্পের মাধ্যমে সরবরাহকৃত বিদ্যুতের জন্য দেশের অন্য যে কোনো সরবরাহকারী থেকে প্রাপ্ত বিদ্যুতের তুলনায় অস্বাভাবিক বেশি হারে মূল্য দিতে হবে। একইভাবে, আদানির গোড্ডা প্রকল্পের ক্যাপাসিটি চার্জ বাবদ দিতে হবে দেশী-বিদেশী উদ্যোগে পরিচালিত অন্য যেকোনো প্রকল্পের তুলনায় অগ্রহণযোগ্য বেশি হারে।

এই বৈষম্যমূলক চুক্তির চূড়ান্ত বোঝা জনগণের ওপর চাপিয়ে দেয়ার অধিকার কারোরই নেই উল্লেখ করে ড. ইফতেখারুজ্জামান বলেন, “পিডিবি ও সরকারের সংশ্লিষ্ট নীতি-নির্ধারকগণের প্রতি আমাদের আহ্বান, অনতিবিলম্বে জরুরি ভিত্তিতে এই চুক্তির সকল শর্তাবলী জাতীয় ও আন্তর্জাতিকভাবে সুখ্যাতিসম্পন্ন বিশেষজ্ঞজনকে সম্পৃক্ত করে পুঙ্খানুপুঙ্খ বস্তুনিষ্ঠ বিশ্লেষণপূর্বক সংশোধন করা হোক এবং দেশের ও জনগণের স্বার্থকে সর্বোচ্চ প্রাধান্য দিয়ে প্রয়োজনে এই চুক্তি বাতিল করা হোক। পিডিবি তথা দেশের জনগনকে জিম্মি করে বাংলাদেশকে আদানি গ্রুপের জালিয়াতিনির্ভর ব্যবসা প্রসারের অভয়ারণ্যে রূপান্তর করার দৃশ্যমান ষড়যন্ত্রকে প্রতিহত করার বিকল্প নেই।”

‘সরকারের কর্তাব্যক্তিরা টাকা লুটপাটের প্রতিযোগিতায় লিপ্ত’
নিজস্ব প্রতিনিধি

লিবারেল ডেমোক্রেটিক পার্টির (এলডিপি) প্রেসিডেন্ট ড. কর্নেল (অব.) অলি আহমদ বলেছেন, সরকারের কর্তাব্যক্তিরা এখন টাকা লুটপাটের প্রতিযোগিতায় লিপ্ত। এই টাকা দিয়ে তারা বিদেশে সম্পদের পাহাড় গড়ে তুলেছেন। মঙ্গলবার গণমাধ্যমে পাঠানো এক বিবৃতিতে তিনি এসব কথা বলেন। বিবৃতিতে তিনি বলেন, দফায় দফায় বিদ্যুৎ ও জ্বালানির দাম বাড়িয়ে সরকার জনগণের পকেট কাটছে। নিত্যপ্রয়োজনীয় পণ্যের ঊর্ধ্বগতিতে সাধারণ মানুষের জীবন দুর্বিষহ হয়ে উঠেছে। অথচ সরকারঘনিষ্ঠ ব্যক্তিরা ব্যাংক থেকে হাজার হাজার কোটি টাকা ঋণের নামে তুলে নিয়ে বিদেশে পাচার করছেন। তিনি আরও বলেন, জনগণের ভোটাধিকার ফিরিয়ে আনতে এবং দুর্নীতিবাজদের বিচারের আওতায় আনতে দেশপ্রেমিক সকল শক্তিকে ঐক্যবদ্ধ হতে হবে। দেশের অর্থনীতি আজ খাদের কিনারে। রিজার্ভ কমছে, ডলার সংকটে ব্যবসায়ীরা এলসি খুলতে পারছেন না। এ অবস্থা চলতে থাকলে ভয়াবহ পরিণতি বরণ করতে হবে।
